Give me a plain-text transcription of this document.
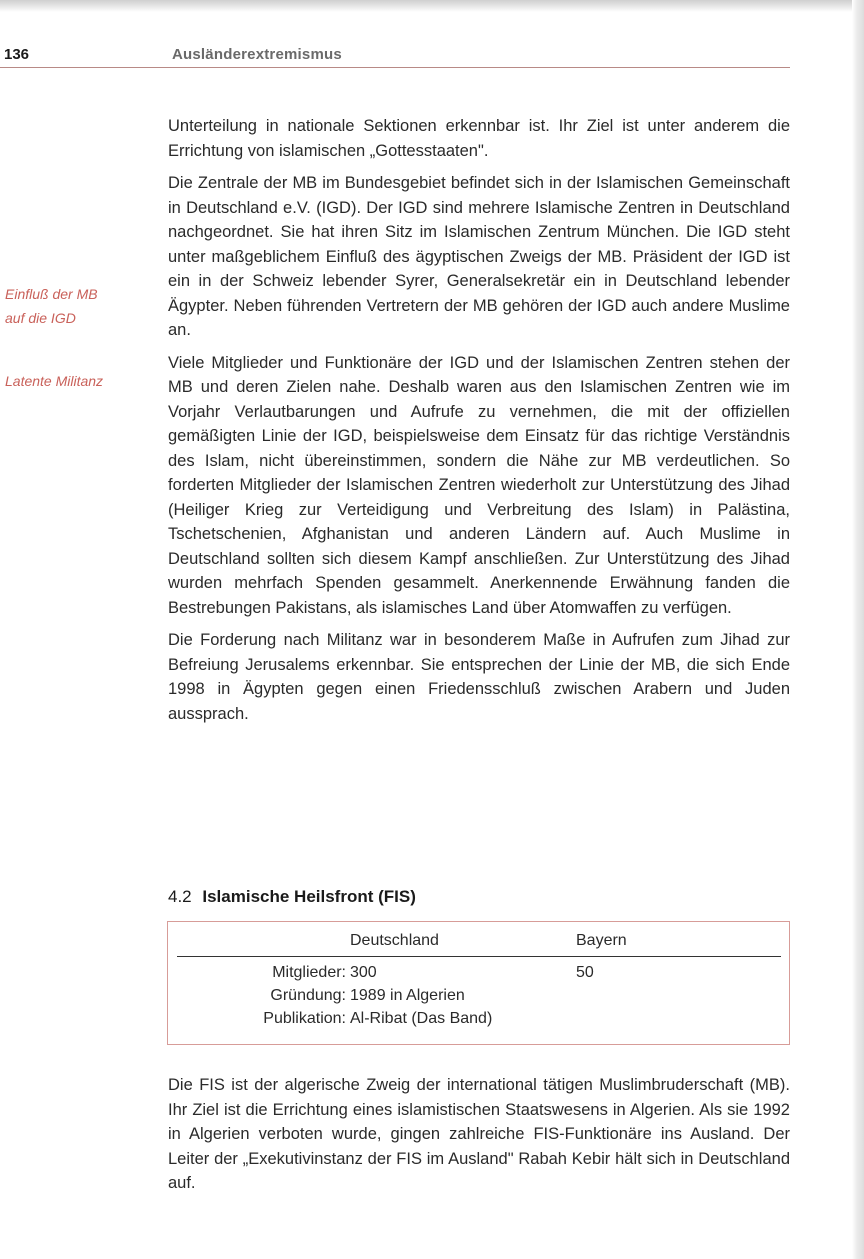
136	Ausländerextremismus
Einfluß der MB
auf die IGD
Latente Militanz

Unterteilung in nationale Sektionen erkennbar ist. Ihr Ziel ist unter anderem die Errichtung von islamischen „Gottesstaaten".

Die Zentrale der MB im Bundesgebiet befindet sich in der Islamischen Gemeinschaft in Deutschland e.V. (IGD). Der IGD sind mehrere Islamische Zentren in Deutschland nachgeordnet. Sie hat ihren Sitz im Islamischen Zentrum München. Die IGD steht unter maßgeblichem Einfluß des ägyptischen Zweigs der MB. Präsident der IGD ist ein in der Schweiz lebender Syrer, Generalsekretär ein in Deutschland lebender Ägypter. Neben führenden Vertretern der MB gehören der IGD auch andere Muslime an.

Viele Mitglieder und Funktionäre der IGD und der Islamischen Zentren stehen der MB und deren Zielen nahe. Deshalb waren aus den Islamischen Zentren wie im Vorjahr Verlautbarungen und Aufrufe zu vernehmen, die mit der offiziellen gemäßigten Linie der IGD, beispielsweise dem Einsatz für das richtige Verständnis des Islam, nicht übereinstimmen, sondern die Nähe zur MB verdeutlichen. So forderten Mitglieder der Islamischen Zentren wiederholt zur Unterstützung des Jihad (Heiliger Krieg zur Verteidigung und Verbreitung des Islam) in Palästina, Tschetschenien, Afghanistan und anderen Ländern auf. Auch Muslime in Deutschland sollten sich diesem Kampf anschließen. Zur Unterstützung des Jihad wurden mehrfach Spenden gesammelt. Anerkennende Erwähnung fanden die Bestrebungen Pakistans, als islamisches Land über Atomwaffen zu verfügen.

Die Forderung nach Militanz war in besonderem Maße in Aufrufen zum Jihad zur Befreiung Jerusalems erkennbar. Sie entsprechen der Linie der MB, die sich Ende 1998 in Ägypten gegen einen Friedensschluß zwischen Arabern und Juden aussprach.

4.2 Islamische Heilsfront (FIS)
	Deutschland	Bayern
Mitglieder:	300	50
Gründung:	1989 in Algerien	
Publikation:	Al-Ribat (Das Band)	

Die FIS ist der algerische Zweig der international tätigen Muslimbruderschaft (MB). Ihr Ziel ist die Errichtung eines islamistischen Staatswesens in Algerien. Als sie 1992 in Algerien verboten wurde, gingen zahlreiche FIS-Funktionäre ins Ausland. Der Leiter der „Exekutivinstanz der FIS im Ausland" Rabah Kebir hält sich in Deutschland auf.
